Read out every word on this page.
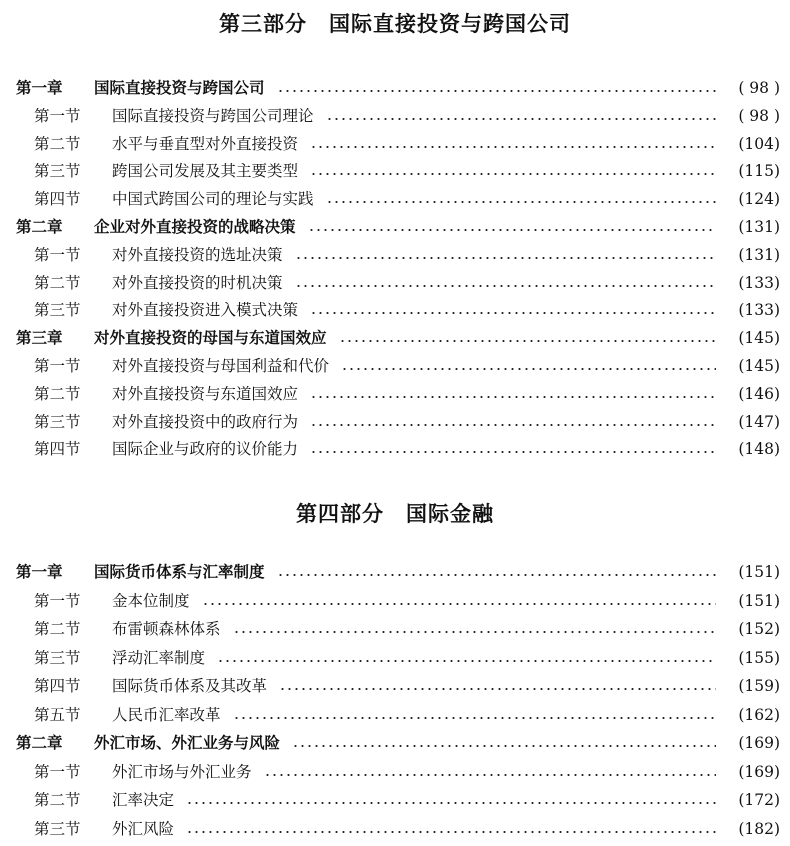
第三部分　国际直接投资与跨国公司
第一章	国际直接投资与跨国公司	( 98 )
第一节	国际直接投资与跨国公司理论	( 98 )
第二节	水平与垂直型对外直接投资	(104)
第三节	跨国公司发展及其主要类型	(115)
第四节	中国式跨国公司的理论与实践	(124)
第二章	企业对外直接投资的战略决策	(131)
第一节	对外直接投资的选址决策	(131)
第二节	对外直接投资的时机决策	(133)
第三节	对外直接投资进入模式决策	(133)
第三章	对外直接投资的母国与东道国效应	(145)
第一节	对外直接投资与母国利益和代价	(145)
第二节	对外直接投资与东道国效应	(146)
第三节	对外直接投资中的政府行为	(147)
第四节	国际企业与政府的议价能力	(148)
第四部分　国际金融
第一章	国际货币体系与汇率制度	(151)
第一节	金本位制度	(151)
第二节	布雷顿森林体系	(152)
第三节	浮动汇率制度	(155)
第四节	国际货币体系及其改革	(159)
第五节	人民币汇率改革	(162)
第二章	外汇市场、外汇业务与风险	(169)
第一节	外汇市场与外汇业务	(169)
第二节	汇率决定	(172)
第三节	外汇风险	(182)
